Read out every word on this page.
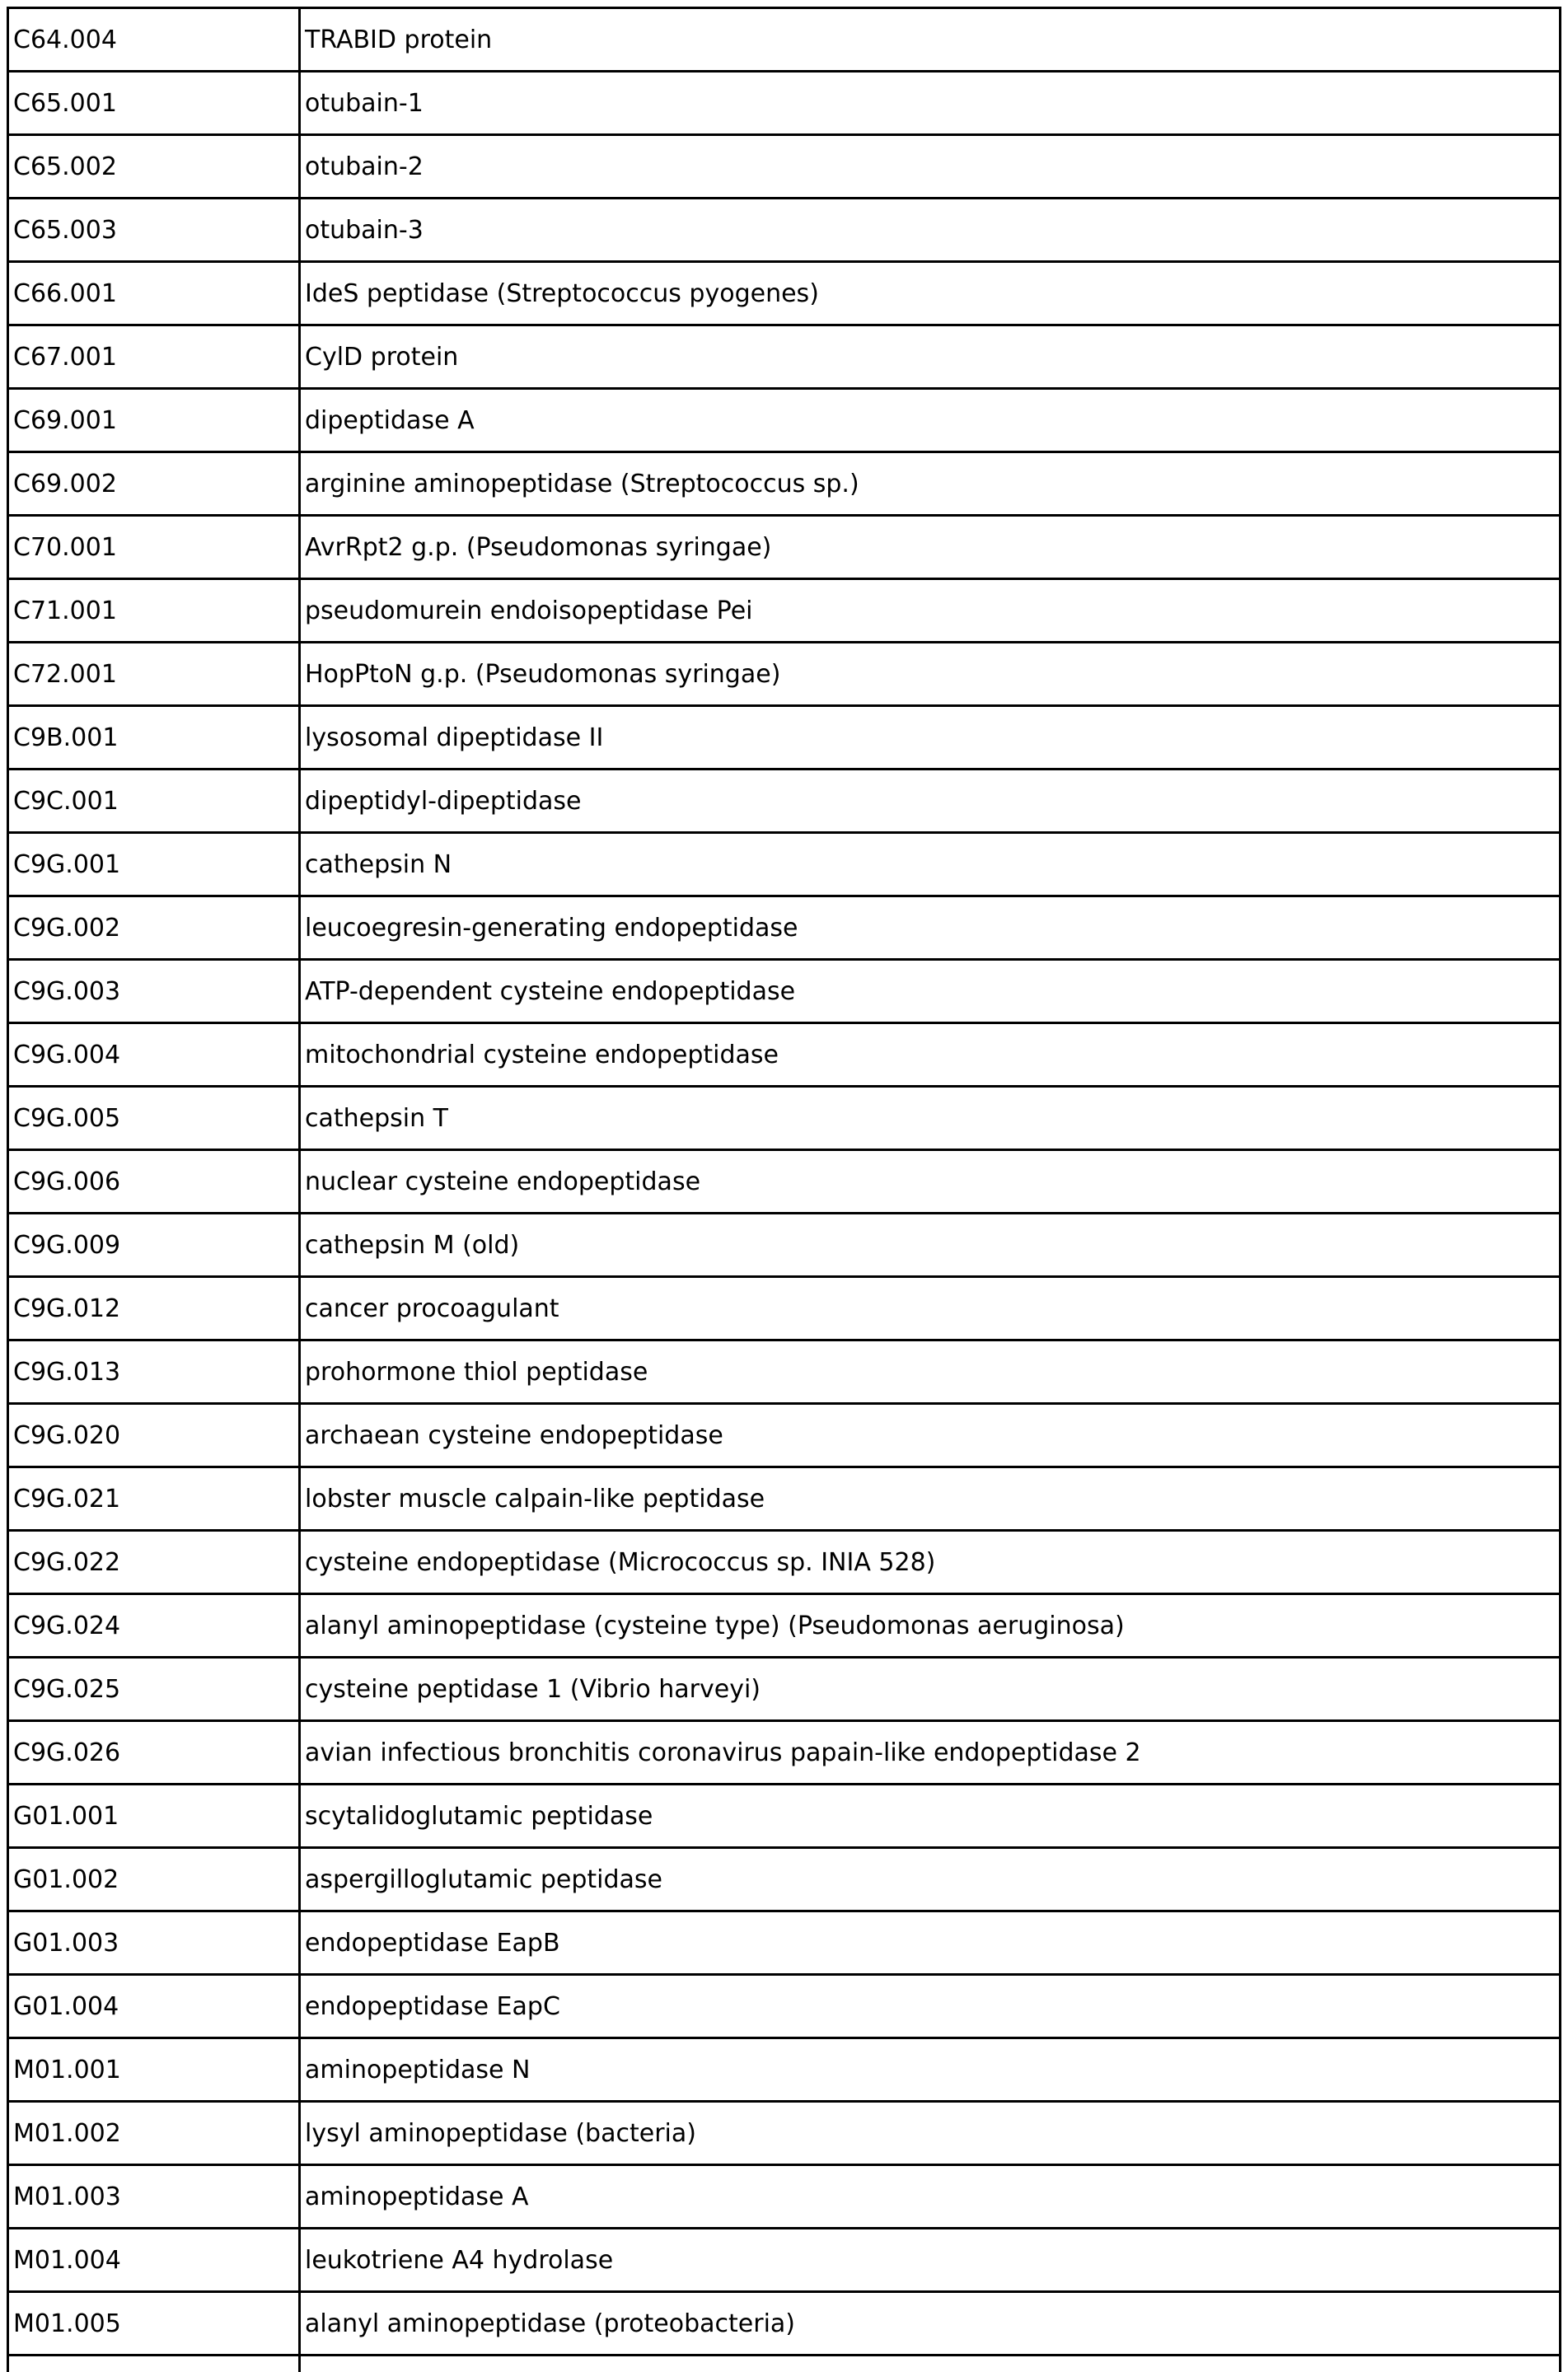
C64.004	TRABID protein
C65.001	otubain-1
C65.002	otubain-2
C65.003	otubain-3
C66.001	IdeS peptidase (Streptococcus pyogenes)
C67.001	CylD protein
C69.001	dipeptidase A
C69.002	arginine aminopeptidase (Streptococcus sp.)
C70.001	AvrRpt2 g.p. (Pseudomonas syringae)
C71.001	pseudomurein endoisopeptidase Pei
C72.001	HopPtoN g.p. (Pseudomonas syringae)
C9B.001	lysosomal dipeptidase II
C9C.001	dipeptidyl-dipeptidase
C9G.001	cathepsin N
C9G.002	leucoegresin-generating endopeptidase
C9G.003	ATP-dependent cysteine endopeptidase
C9G.004	mitochondrial cysteine endopeptidase
C9G.005	cathepsin T
C9G.006	nuclear cysteine endopeptidase
C9G.009	cathepsin M (old)
C9G.012	cancer procoagulant
C9G.013	prohormone thiol peptidase
C9G.020	archaean cysteine endopeptidase
C9G.021	lobster muscle calpain-like peptidase
C9G.022	cysteine endopeptidase (Micrococcus sp. INIA 528)
C9G.024	alanyl aminopeptidase (cysteine type) (Pseudomonas aeruginosa)
C9G.025	cysteine peptidase 1 (Vibrio harveyi)
C9G.026	avian infectious bronchitis coronavirus papain-like endopeptidase 2
G01.001	scytalidoglutamic peptidase
G01.002	aspergilloglutamic peptidase
G01.003	endopeptidase EapB
G01.004	endopeptidase EapC
M01.001	aminopeptidase N
M01.002	lysyl aminopeptidase (bacteria)
M01.003	aminopeptidase A
M01.004	leukotriene A4 hydrolase
M01.005	alanyl aminopeptidase (proteobacteria)
